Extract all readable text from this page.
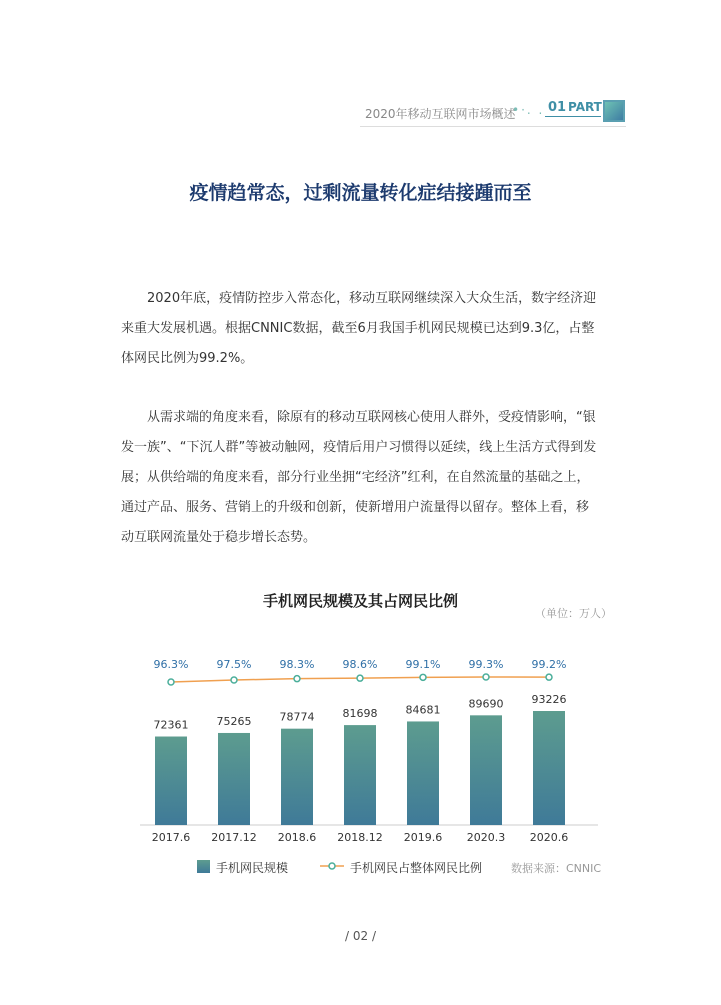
2020年移动互联网市场概述
•·. . 01 PART
疫情趋常态，过剩流量转化症结接踵而至

2020年底，疫情防控步入常态化，移动互联网继续深入大众生活，数字经济迎来重大发展机遇。根据CNNIC数据，截至6月我国手机网民规模已达到9.3亿，占整体网民比例为99.2%。

从需求端的角度来看，除原有的移动互联网核心使用人群外，受疫情影响，“银发一族”、“下沉人群”等被动触网，疫情后用户习惯得以延续，线上生活方式得到发展；从供给端的角度来看，部分行业坐拥“宅经济”红利，在自然流量的基础之上，通过产品、服务、营销上的升级和创新，使新增用户流量得以留存。整体上看，移动互联网流量处于稳步增长态势。

手机网民规模及其占网民比例
（单位：万人）
72361
2017.6
96.3%
75265
2017.12
97.5%
78774
2018.6
98.3%
81698
2018.12
98.6%
84681
2019.6
99.1%
89690
2020.3
99.3%
93226
2020.6
99.2%
手机网民规模	手机网民占整体网民比例	数据来源：CNNIC
/ 02 /
